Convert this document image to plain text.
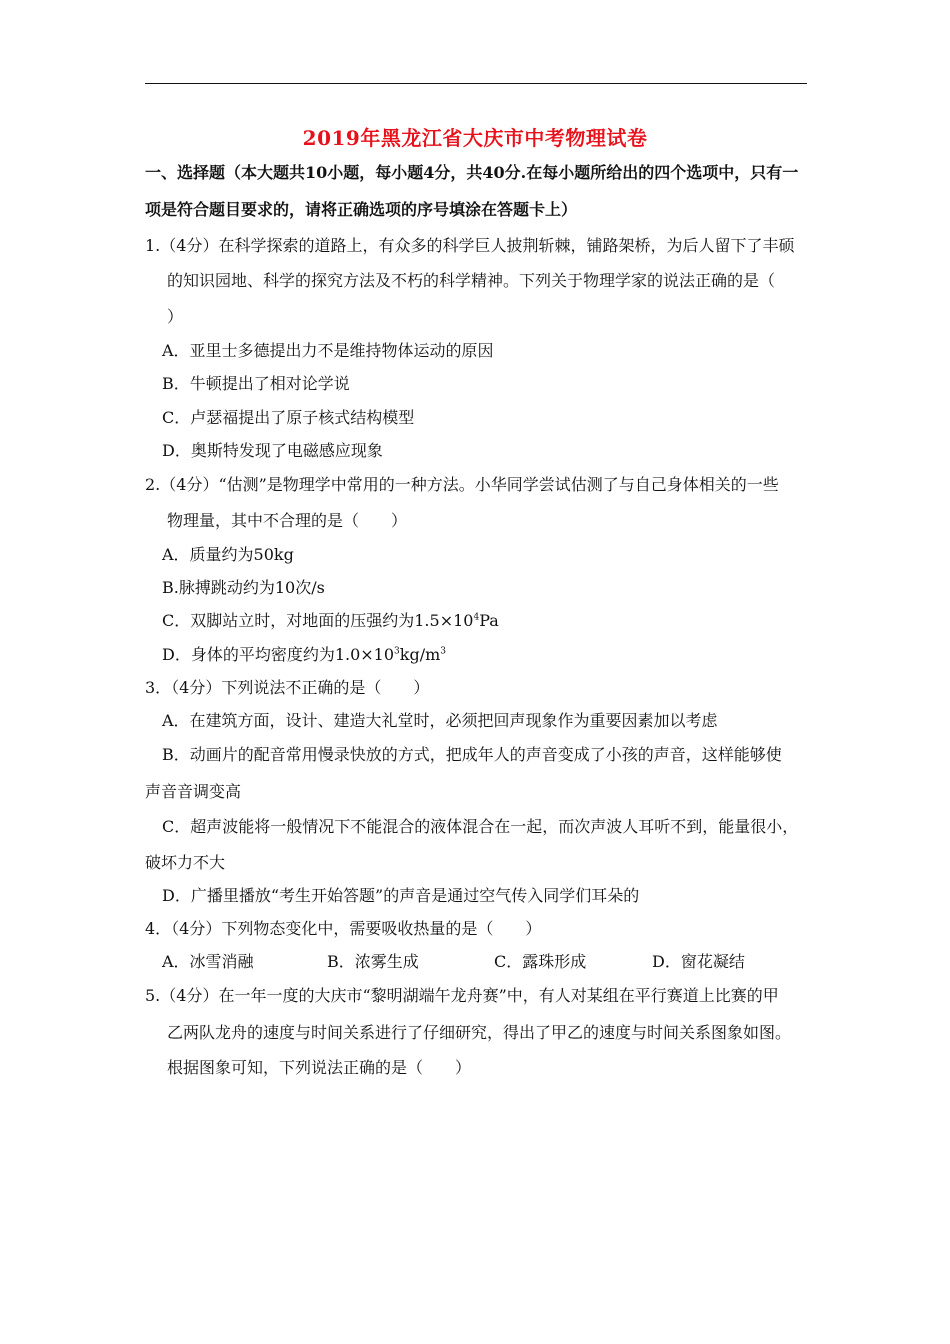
2019年黑龙江省大庆市中考物理试卷
一、选择题（本大题共10小题，每小题4分，共40分.在每小题所给出的四个选项中，只有一
项是符合题目要求的，请将正确选项的序号填涂在答题卡上）
1.（4分）在科学探索的道路上，有众多的科学巨人披荆斩棘，铺路架桥，为后人留下了丰硕
的知识园地、科学的探究方法及不朽的科学精神。下列关于物理学家的说法正确的是（
）
A．亚里士多德提出力不是维持物体运动的原因
B．牛顿提出了相对论学说
C．卢瑟福提出了原子核式结构模型
D．奥斯特发现了电磁感应现象
2.（4分）“估测”是物理学中常用的一种方法。小华同学尝试估测了与自己身体相关的一些
物理量，其中不合理的是（　　）
A．质量约为50kg
B.脉搏跳动约为10次/s
C．双脚站立时，对地面的压强约为$1.5\times 10^4Pa$
D．身体的平均密度约为$1.0\times 10^3kg/m^3$
3．（4分）下列说法不正确的是（　　）
A．在建筑方面，设计、建造大礼堂时，必须把回声现象作为重要因素加以考虑
B．动画片的配音常用慢录快放的方式，把成年人的声音变成了小孩的声音，这样能够使
声音音调变高
C．超声波能将一般情况下不能混合的液体混合在一起，而次声波人耳听不到，能量很小，
破坏力不大
D．广播里播放“考生开始答题”的声音是通过空气传入同学们耳朵的
4．（4分）下列物态变化中，需要吸收热量的是（　　）
A．冰雪消融	B．浓雾生成	C．露珠形成	D．窗花凝结
5.（4分）在一年一度的大庆市“黎明湖端午龙舟赛”中，有人对某组在平行赛道上比赛的甲
乙两队龙舟的速度与时间关系进行了仔细研究，得出了甲乙的速度与时间关系图象如图。
根据图象可知，下列说法正确的是（　　）
